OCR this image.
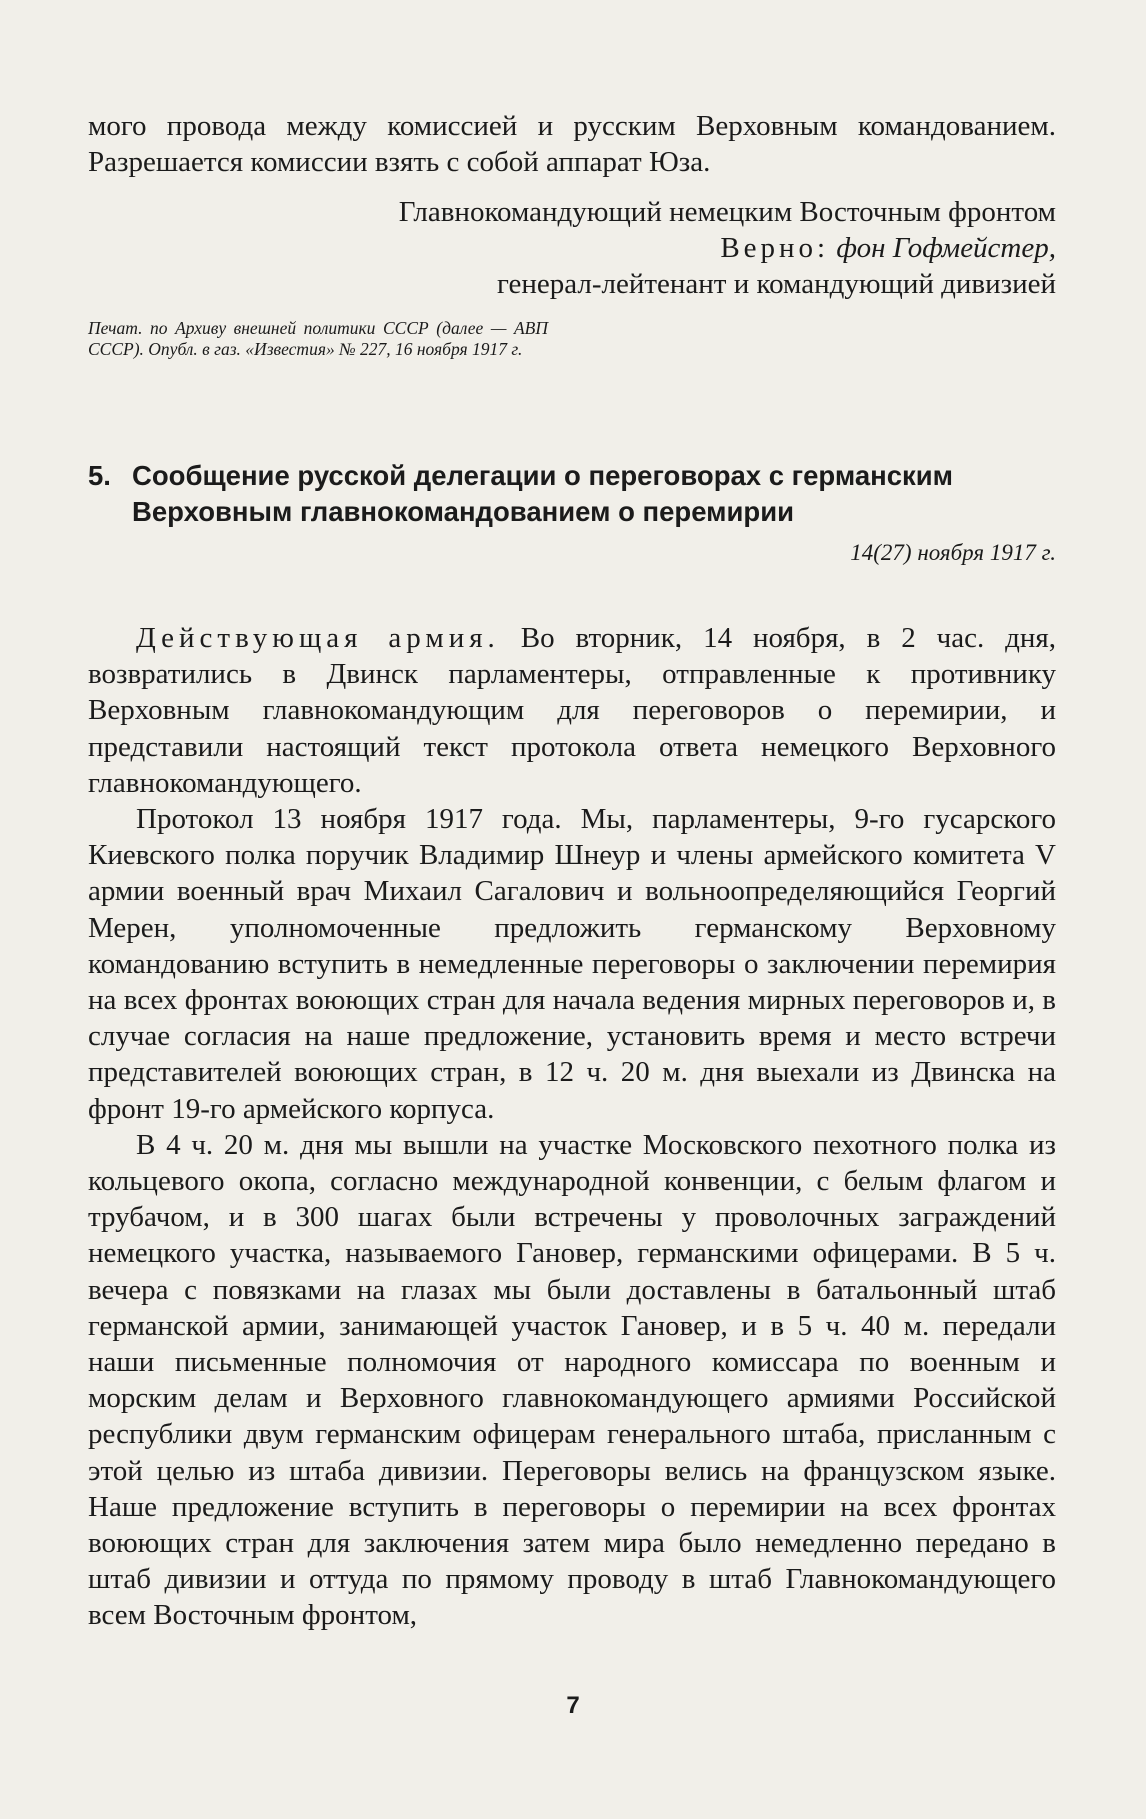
мого провода между комиссией и русским Верховным командованием. Разрешается комиссии взять с собой аппарат Юза.

Главнокомандующий немецким Восточным фронтом

Верно: фон Гофмейстер,

генерал-лейтенант и командующий дивизией

Печат. по Архиву внешней политики СССР (далее — АВП СССР). Опубл. в газ. «Известия» № 227, 16 ноября 1917 г.
5. Сообщение русской делегации о переговорах с германским
Верховным главнокомандованием о перемирии
14(27) ноября 1917 г.

Действующая армия. Во вторник, 14 ноября, в 2 час. дня, возвратились в Двинск парламентеры, отправленные к противнику Верховным главнокомандующим для переговоров о перемирии, и представили настоящий текст протокола ответа немецкого Верховного главнокомандующего.

Протокол 13 ноября 1917 года. Мы, парламентеры, 9-го гусарского Киевского полка поручик Владимир Шнеур и члены армейского комитета V армии военный врач Михаил Сагалович и вольноопределяющийся Георгий Мерен, уполномоченные предложить германскому Верховному командованию вступить в немедленные переговоры о заключении перемирия на всех фронтах воюющих стран для начала ведения мирных переговоров и, в случае согласия на наше предложение, установить время и место встречи представителей воюющих стран, в 12 ч. 20 м. дня выехали из Двинска на фронт 19-го армейского корпуса.

В 4 ч. 20 м. дня мы вышли на участке Московского пехотного полка из кольцевого окопа, согласно международной конвенции, с белым флагом и трубачом, и в 300 шагах были встречены у проволочных заграждений немецкого участка, называемого Гановер, германскими офицерами. В 5 ч. вечера с повязками на глазах мы были доставлены в батальонный штаб германской армии, занимающей участок Гановер, и в 5 ч. 40 м. передали наши письменные полномочия от народного комиссара по военным и морским делам и Верховного главнокомандующего армиями Российской республики двум германским офицерам генерального штаба, присланным с этой целью из штаба дивизии. Переговоры велись на французском языке. Наше предложение вступить в переговоры о перемирии на всех фронтах воюющих стран для заключения затем мира было немедленно передано в штаб дивизии и оттуда по прямому проводу в штаб Главнокомандующего всем Восточным фронтом,

7
